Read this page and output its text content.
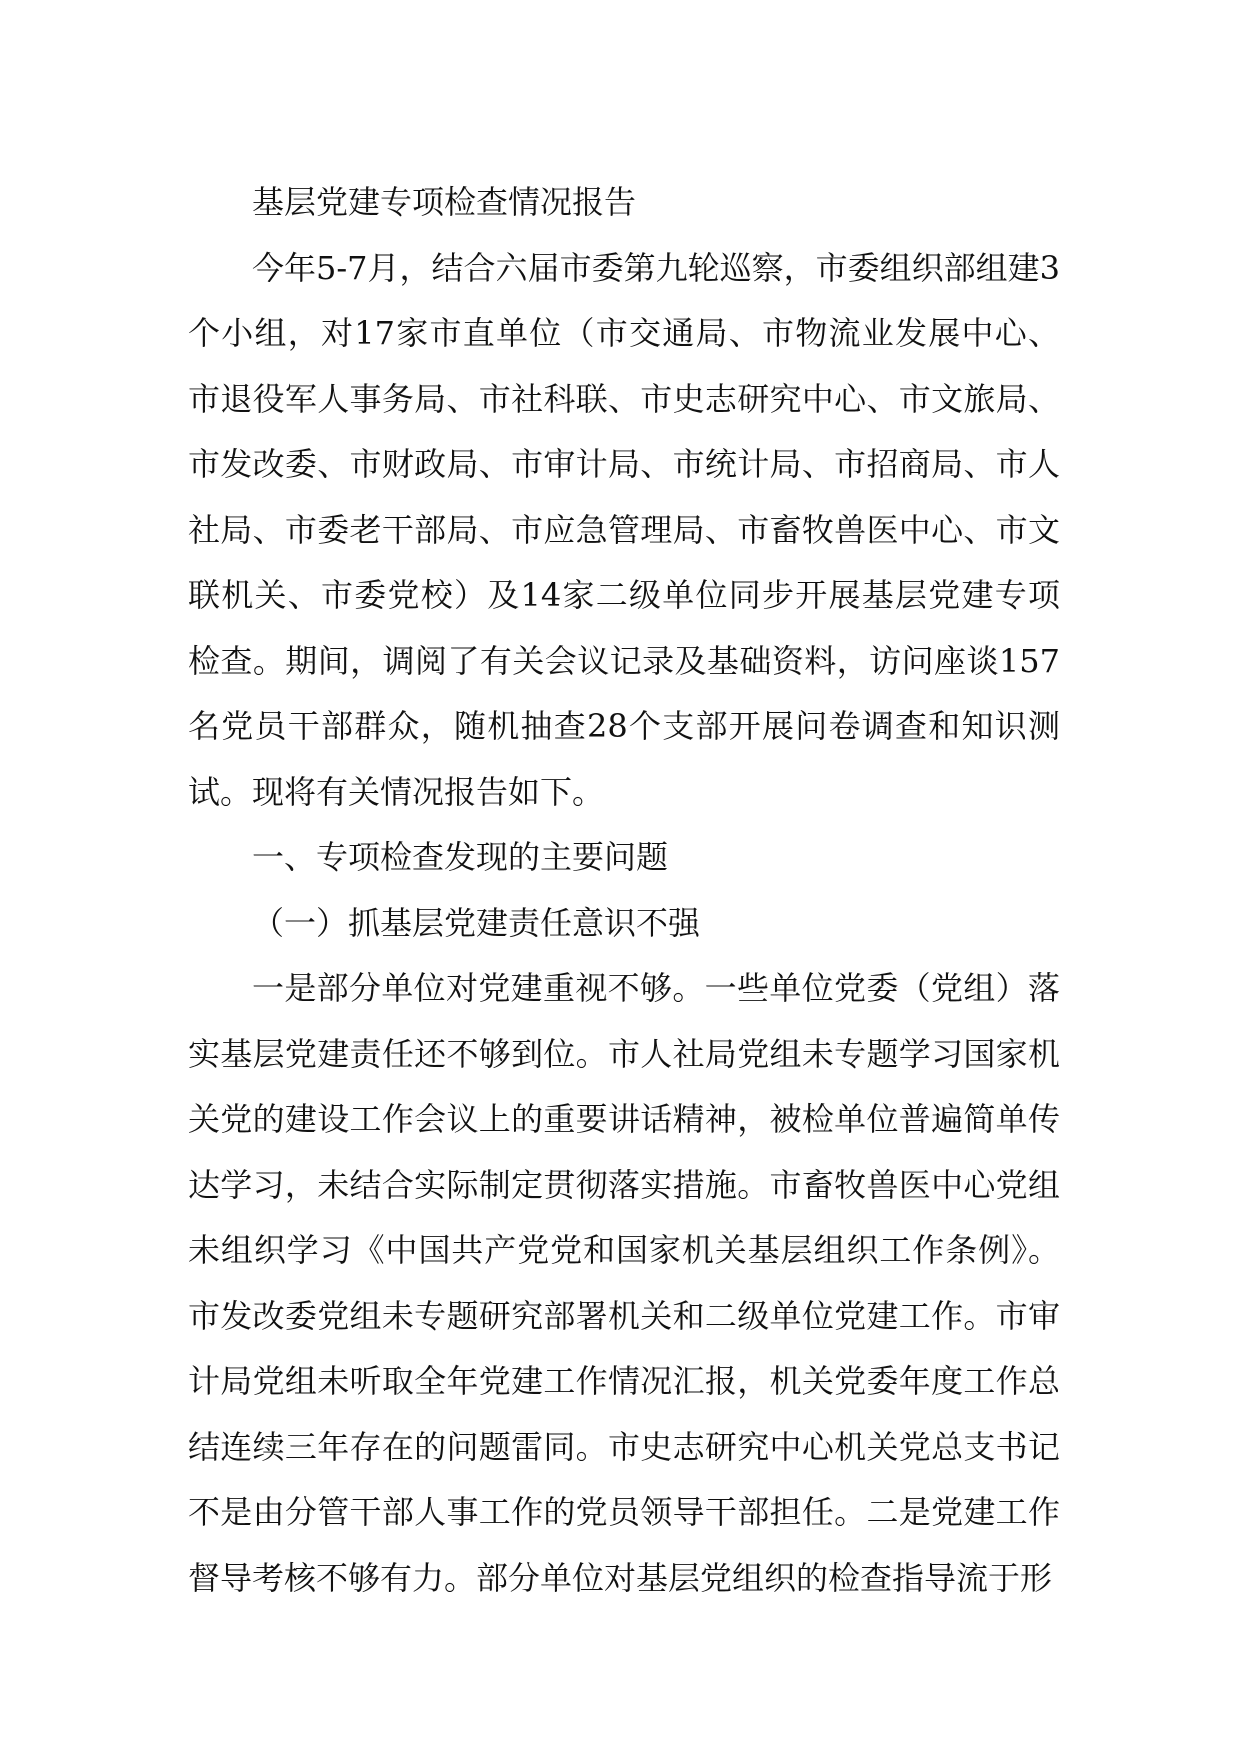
基层党建专项检查情况报告

今年5-7月，结合六届市委第九轮巡察，市委组织部组建3个小组，对17家市直单位（市交通局、市物流业发展中心、市退役军人事务局、市社科联、市史志研究中心、市文旅局、市发改委、市财政局、市审计局、市统计局、市招商局、市人社局、市委老干部局、市应急管理局、市畜牧兽医中心、市文联机关、市委党校）及14家二级单位同步开展基层党建专项检查。期间，调阅了有关会议记录及基础资料，访问座谈157名党员干部群众，随机抽查28个支部开展问卷调查和知识测试。现将有关情况报告如下。

一、专项检查发现的主要问题

（一）抓基层党建责任意识不强

一是部分单位对党建重视不够。一些单位党委（党组）落实基层党建责任还不够到位。市人社局党组未专题学习国家机关党的建设工作会议上的重要讲话精神，被检单位普遍简单传达学习，未结合实际制定贯彻落实措施。市畜牧兽医中心党组未组织学习《中国共产党党和国家机关基层组织工作条例》。市发改委党组未专题研究部署机关和二级单位党建工作。市审计局党组未听取全年党建工作情况汇报，机关党委年度工作总结连续三年存在的问题雷同。市史志研究中心机关党总支书记不是由分管干部人事工作的党员领导干部担任。二是党建工作督导考核不够有力。部分单位对基层党组织的检查指导流于形
